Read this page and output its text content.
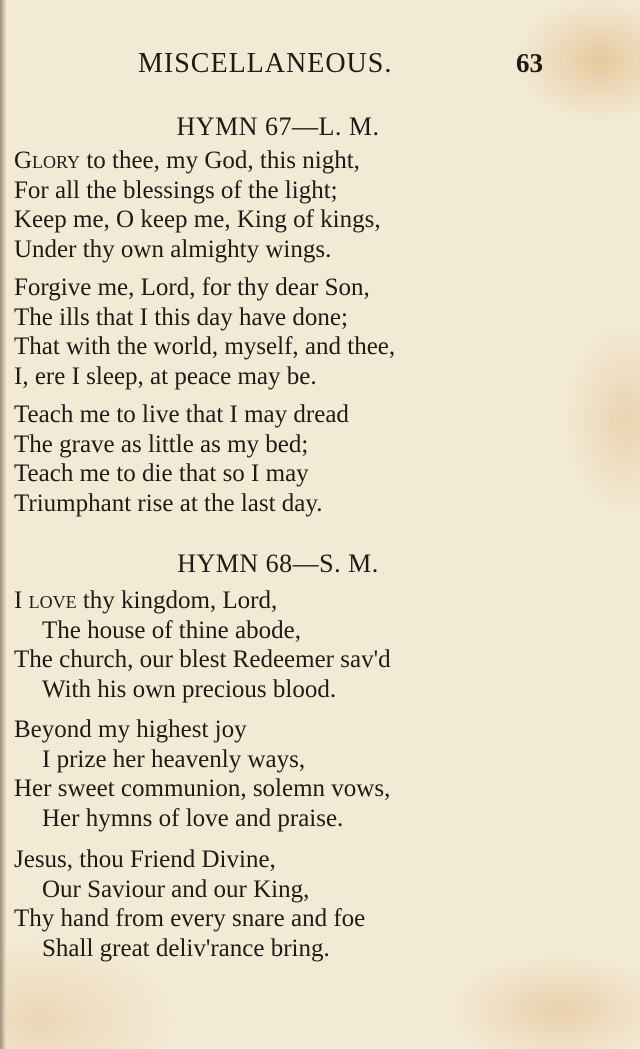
MISCELLANEOUS.	63
HYMN 67—L. M.
Glory to thee, my God, this night,
For all the blessings of the light;
Keep me, O keep me, King of kings,
Under thy own almighty wings.
Forgive me, Lord, for thy dear Son,
The ills that I this day have done;
That with the world, myself, and thee,
I, ere I sleep, at peace may be.
Teach me to live that I may dread
The grave as little as my bed;
Teach me to die that so I may
Triumphant rise at the last day.
HYMN 68—S. M.
I love thy kingdom, Lord,
The house of thine abode,
The church, our blest Redeemer sav'd
With his own precious blood.
Beyond my highest joy
I prize her heavenly ways,
Her sweet communion, solemn vows,
Her hymns of love and praise.
Jesus, thou Friend Divine,
Our Saviour and our King,
Thy hand from every snare and foe
Shall great deliv'rance bring.
